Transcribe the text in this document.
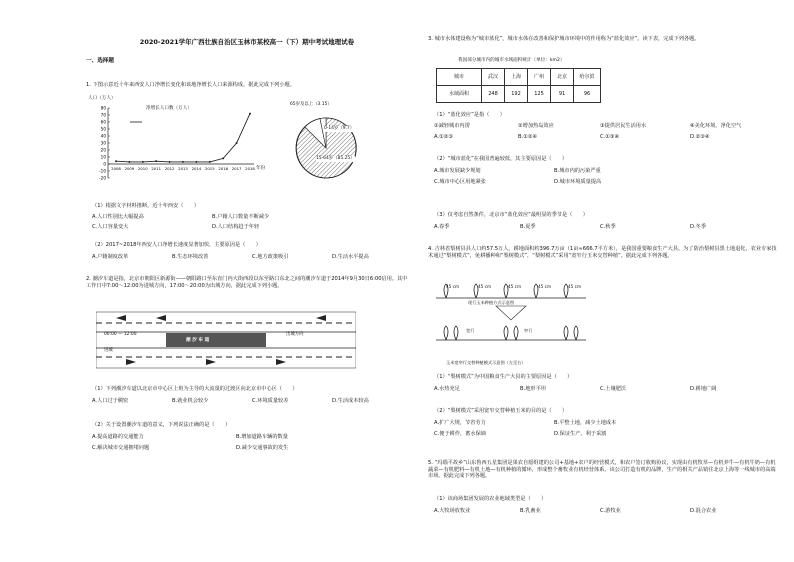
2020-2021学年广西壮族自治区玉林市某校高一（下）期中考试地理试卷
一、选择题
1. 下图示意近十年来西安人口净增长变化和该地净增长人口来源构成。据此完成下列小题。
80
70
60
50
40
30
20
10
0
-10
-20
2008 2009 2010 2011 2012 2013 2014 2015 2016 2017 2018
人口（万人）
净增长人口数（万人）
年份
65岁及以上（3.15）
0-14岁（9.7）
15-64岁（85.25）
（1）根据文字材料推断，近十年西安（　　）
A.人口性别比大幅提高	B.户籍人口数量不断减少
C.人口容量变大	D.人口结构趋于年轻
（2）2017~2018年西安人口净增长速度显著加快，主要原因是（　　）
A.户籍制度改革	B.生态环境改善	C.地方政策吸引	D.生活水平提高
2. 潮汐车道是指，北京市朝阳区新源街——朝阳路口至东直门内大街西段以东至路口东北之间的潮汐车道于2014年9月30日6:00启用。其中工作日中7:00～12:00为进城方向，17:00～20:00为出城方向，据此完成下列小题。
00:00 — 12:00
潮 汐 车 道
出城方向
进城
（1）下列潮汐车道以北京市中心区上班为主导的大流量的过渡区向北京市中心区（　　）
A.人口过于稠密	B.就业机会较少	C.环境质量较差	D.生活成本较高
（2）关于设置潮汐车道的意义，下列说法正确的是（　　）
A.提高道路的交通能力	B.增加道路车辆的数量
C.解决城市交通拥堵问题	D.减少交通事故的发生
3. 城市水体建设称为“城市蓝化”，城市水体在改善和保护城市环境中的作用称为“蓝化效应”。读下表，完成下列各题。
我国部分城市内的城市水域面积统计（单位：km2）
城市	武汉	上海	广州	北京	哈尔滨
水域面积	248	192	125	91	96
（1）“蓝化效应”是指（　　）
①减轻城市内涝	②增加热岛效应	③提供居民生活用水	④美化环境、净化空气
A.①②③	B.①②④	C.①③④	D.②③④
（2）“城市蓝化”在我国普遍较低，其主要原因是（　　）
A.城市发展缺少规划	B.城市内的污染严重
C.城市中心区用地紧张	D.城市环境质量提高
（3）仅考虑自然条件，北京市“蓝化效应”最明显的季节是（　　）
A.春季	B.夏季	C.秋季	D.冬季
4. 吉林省梨树县县人口约57.5万人，耕地面积约396.7万亩（1亩≈666.7平方米），是我国重要粮食生产大县。为了防治梨树县黑土地退化，农业专家技术通过“梨树模式”，免耕播种和“梨树模式”，“梨树模式”采用“宽窄行玉米交替种植”。据此完成下列各题。
45 cm	45 cm	45 cm	45 cm	45 cm
现行玉米种植方式示意图
宽行	窄行
玉米宽窄行交替种植模式示意图（左至右）
（1）“梨树模式”为中国粮食生产大县的主要原因是（　　）
A.水热充足	B.地形平坦	C.土壤肥沃	D.耕地广阔
（2）“梨树模式”采用宽窄交替种植玉米的目的是（　　）
A.扩广大规，节省劳力	B.平整土地，减少土地成本
C.便于耕作，蓄水保墒	D.保证生产，利于采割
5. “玛瑙平故乡”山东鲁西五星集团是果农自愿组建的公司+基地+农户的经营模式，和农户签订收购协议，实现由有机牧草—有机养牛—有机牛奶—有机蔬菜—有机肥料—有机土地—有机种植的循环，形成整个畜牧业有机经营体系。该公司打造有机的品牌，生产的相关产品销往北京上海等一线城市的高端市场。据此完成下列各题。
（1）该商场集团发展的农业地域类型是（　　）
A.大牧场放牧业	B.乳畜业	C.游牧业	D.混合农业
